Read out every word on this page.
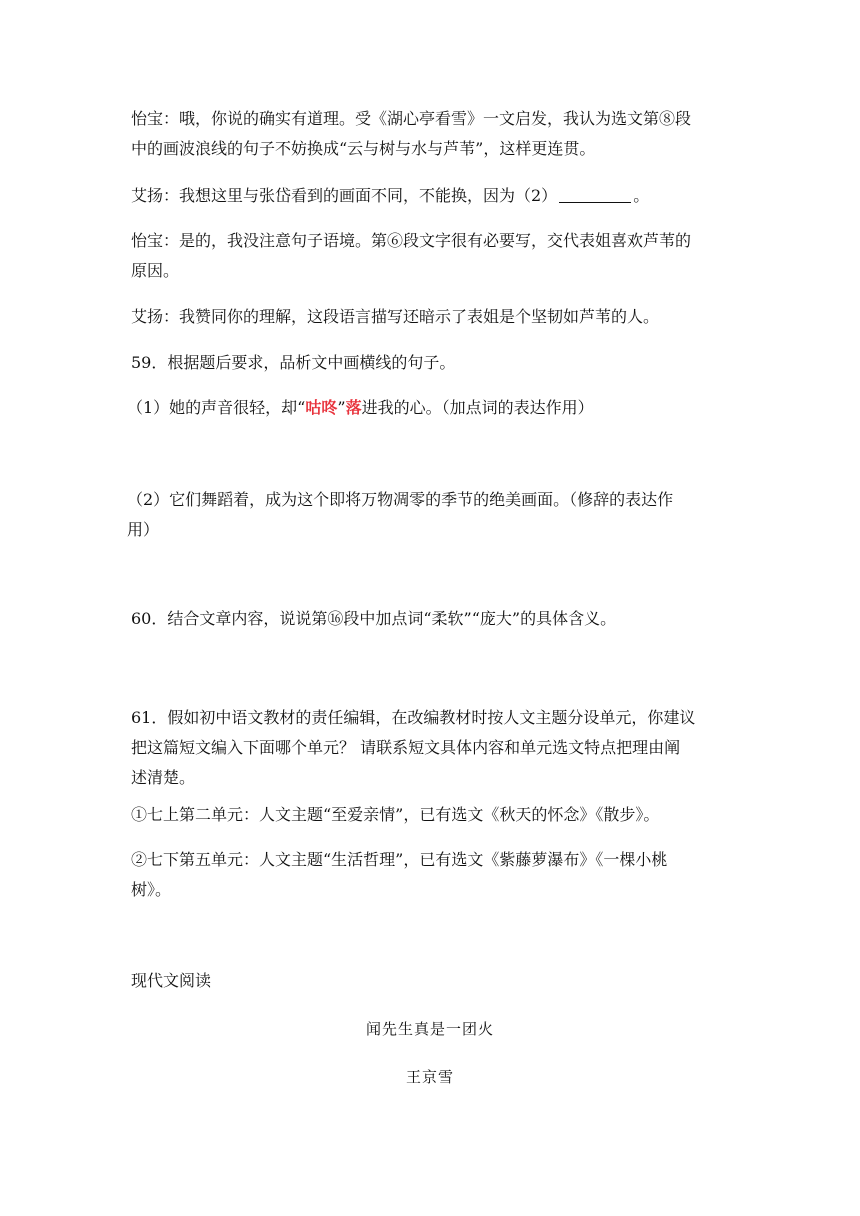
怡宝：哦，你说的确实有道理。受《湖心亭看雪》一文启发，我认为选文第⑧段
中的画波浪线的句子不妨换成“云与树与水与芦苇”，这样更连贯。

艾扬：我想这里与张岱看到的画面不同，不能换，因为（2）	。

怡宝：是的，我没注意句子语境。第⑥段文字很有必要写，交代表姐喜欢芦苇的
原因。

艾扬：我赞同你的理解，这段语言描写还暗示了表姐是个坚韧如芦苇的人。

59．根据题后要求，品析文中画横线的句子。

（1）她的声音很轻，却“咕咚”落进我的心。（加点词的表达作用）

（2）它们舞蹈着，成为这个即将万物凋零的季节的绝美画面。（修辞的表达作
用）

60．结合文章内容，说说第⑯段中加点词“柔软”“庞大”的具体含义。

61．假如初中语文教材的责任编辑，在改编教材时按人文主题分设单元，你建议
把这篇短文编入下面哪个单元？ 请联系短文具体内容和单元选文特点把理由阐
述清楚。

①七上第二单元：人文主题“至爱亲情”，已有选文《秋天的怀念》《散步》。

②七下第五单元：人文主题“生活哲理”，已有选文《紫藤萝瀑布》《一棵小桃
树》。

现代文阅读

闻先生真是一团火
王京雪
